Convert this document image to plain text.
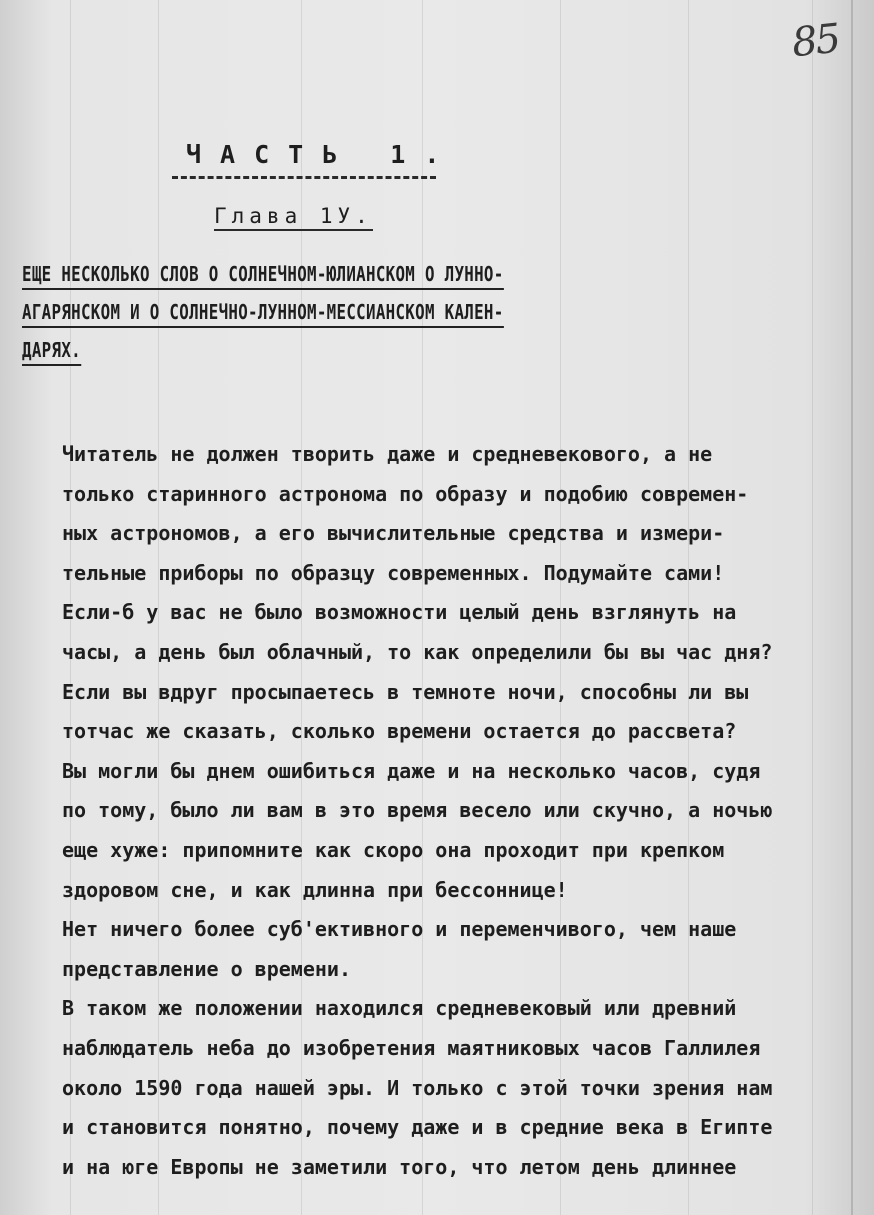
85
ЧАСТЬ 1.
Глава 1У.
ЕЩЕ НЕСКОЛЬКО СЛОВ О СОЛНЕЧНОМ-ЮЛИАНСКОМ О ЛУННО-
АГАРЯНСКОМ И О СОЛНЕЧНО-ЛУННОМ-МЕССИАНСКОМ КАЛЕН-
ДАРЯХ.
Читатель не должен творить даже и средневекового, а не
только старинного астронома по образу и подобию современ-
ных астрономов, а его вычислительные средства и измери-
тельные приборы по образцу современных. Подумайте сами!
Если-б у вас не было возможности целый день взглянуть на
часы, а день был облачный, то как определили бы вы час дня?
Если вы вдруг просыпаетесь в темноте ночи, способны ли вы
тотчас же сказать, сколько времени остается до рассвета?
Вы могли бы днем ошибиться даже и на несколько часов, судя
по тому, было ли вам в это время весело или скучно, а ночью
еще хуже: припомните как скоро она проходит при крепком
здоровом сне, и как длинна при бессоннице!
Нет ничего более суб'ективного и переменчивого, чем наше
представление о времени.
В таком же положении находился средневековый или древний
наблюдатель неба до изобретения маятниковых часов Галлилея
около 1590 года нашей эры. И только с этой точки зрения нам
и становится понятно, почему даже и в средние века в Египте
и на юге Европы не заметили того, что летом день длиннее
